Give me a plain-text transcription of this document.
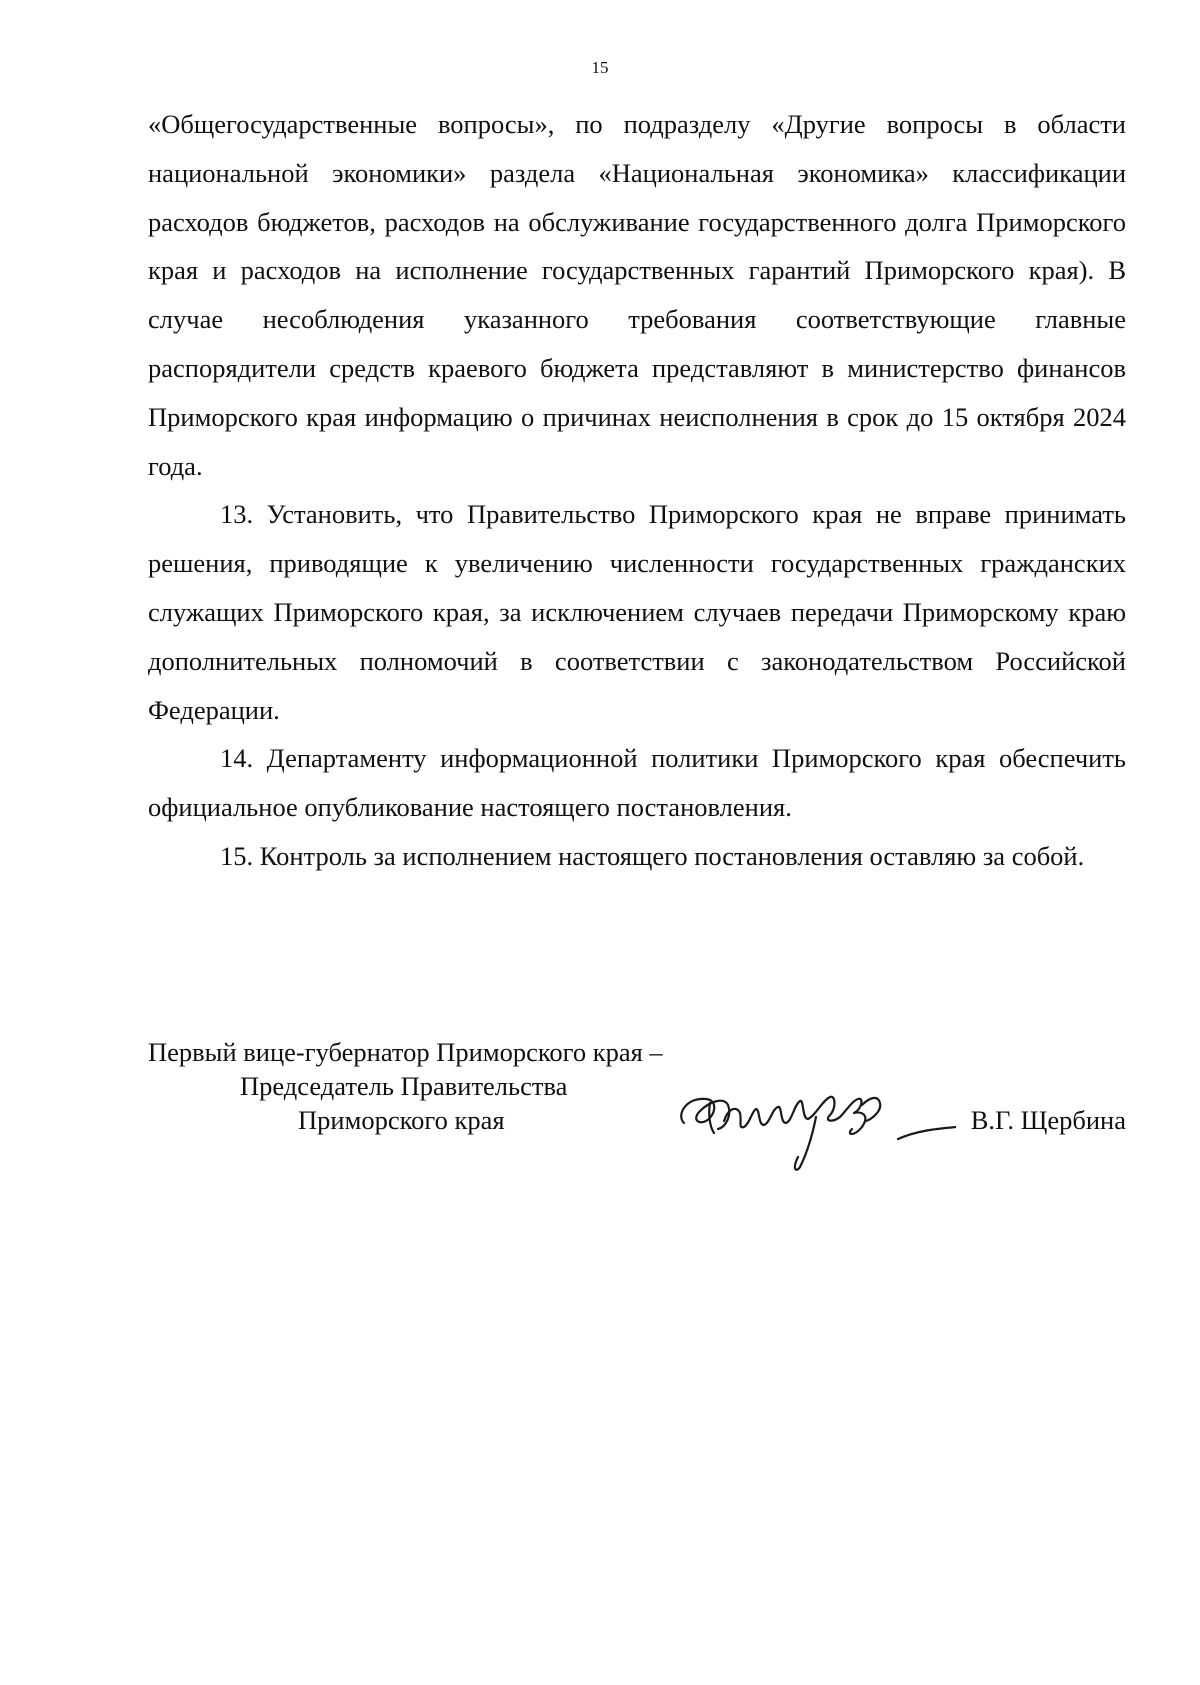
15

«Общегосударственные вопросы», по подразделу «Другие вопросы в области национальной экономики» раздела «Национальная экономика» классификации расходов бюджетов, расходов на обслуживание государственного долга Приморского края и расходов на исполнение государственных гарантий Приморского края). В случае несоблюдения указанного требования соответствующие главные распорядители средств краевого бюджета представляют в министерство финансов Приморского края информацию о причинах неисполнения в срок до 15 октября 2024 года.

13. Установить, что Правительство Приморского края не вправе принимать решения, приводящие к увеличению численности государственных гражданских служащих Приморского края, за исключением случаев передачи Приморскому краю дополнительных полномочий в соответствии с законодательством Российской Федерации.

14. Департаменту информационной политики Приморского края обеспечить официальное опубликование настоящего постановления.

15. Контроль за исполнением настоящего постановления оставляю за собой.

Первый вице-губернатор Приморского края –
Председатель Правительства
Приморского края	В.Г. Щербина
